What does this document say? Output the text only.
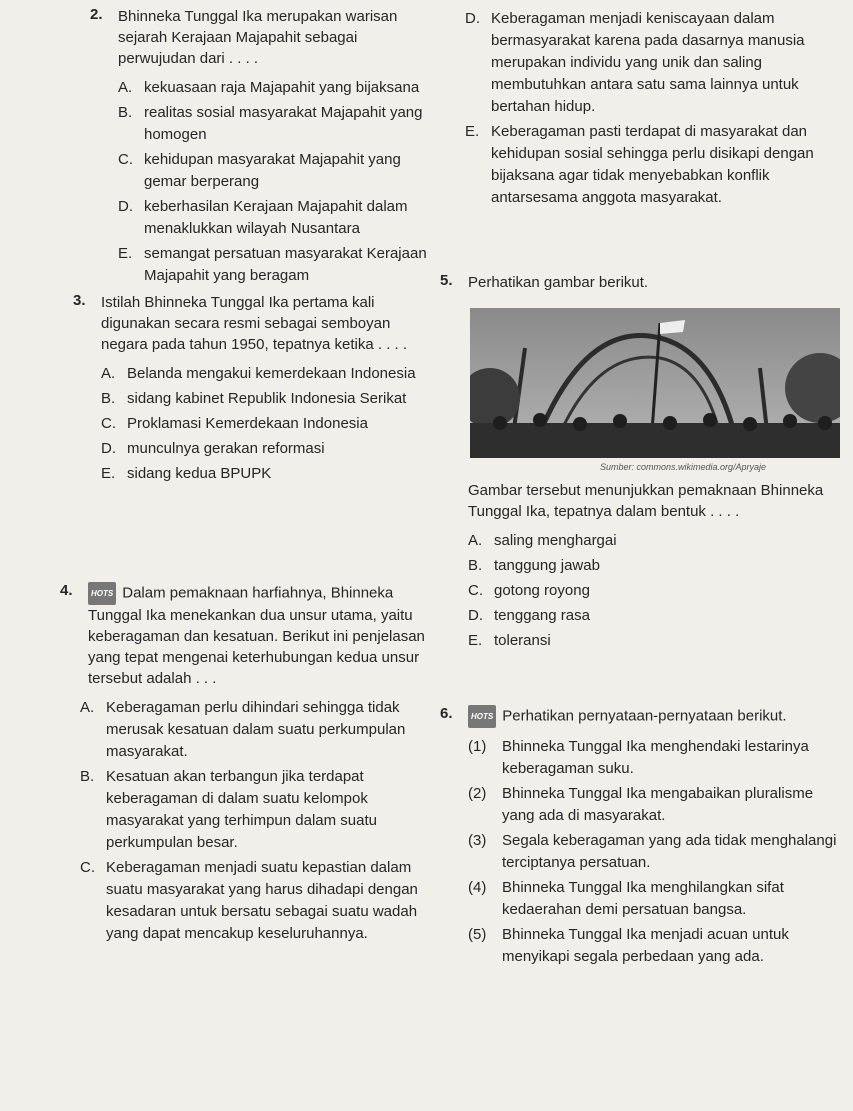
2. Bhinneka Tunggal Ika merupakan warisan sejarah Kerajaan Majapahit sebagai perwujudan dari . . . .
A. kekuasaan raja Majapahit yang bijaksana
B. realitas sosial masyarakat Majapahit yang homogen
C. kehidupan masyarakat Majapahit yang gemar berperang
D. keberhasilan Kerajaan Majapahit dalam menaklukkan wilayah Nusantara
E. semangat persatuan masyarakat Kerajaan Majapahit yang beragam
D. Keberagaman menjadi keniscayaan dalam bermasyarakat karena pada dasarnya manusia merupakan individu yang unik dan saling membutuhkan antara satu sama lainnya untuk bertahan hidup.
E. Keberagaman pasti terdapat di masyarakat dan kehidupan sosial sehingga perlu disikapi dengan bijaksana agar tidak menyebabkan konflik antarsesama anggota masyarakat.
3. Istilah Bhinneka Tunggal Ika pertama kali digunakan secara resmi sebagai semboyan negara pada tahun 1950, tepatnya ketika . . . .
A. Belanda mengakui kemerdekaan Indonesia
B. sidang kabinet Republik Indonesia Serikat
C. Proklamasi Kemerdekaan Indonesia
D. munculnya gerakan reformasi
E. sidang kedua BPUPK
4.	HOTS Dalam pemaknaan harfiahnya, Bhinneka Tunggal Ika menekankan dua unsur utama, yaitu keberagaman dan kesatuan. Berikut ini penjelasan yang tepat mengenai keterhubungan kedua unsur tersebut adalah . . .
A. Keberagaman perlu dihindari sehingga tidak merusak kesatuan dalam suatu perkumpulan masyarakat.
B. Kesatuan akan terbangun jika terdapat keberagaman di dalam suatu kelompok masyarakat yang terhimpun dalam suatu perkumpulan besar.
C. Keberagaman menjadi suatu kepastian dalam suatu masyarakat yang harus dihadapi dengan kesadaran untuk bersatu sebagai suatu wadah yang dapat mencakup keseluruhannya.
5. Perhatikan gambar berikut.
Sumber: commons.wikimedia.org/Apryaje
Gambar tersebut menunjukkan pemaknaan Bhinneka Tunggal Ika, tepatnya dalam bentuk . . . .
A. saling menghargai
B. tanggung jawab
C. gotong royong
D. tenggang rasa
E. toleransi
6.	HOTS Perhatikan pernyataan-pernyataan berikut.
(1)	Bhinneka Tunggal Ika menghendaki lestarinya keberagaman suku.
(2)	Bhinneka Tunggal Ika mengabaikan pluralisme yang ada di masyarakat.
(3)	Segala keberagaman yang ada tidak menghalangi terciptanya persatuan.
(4)	Bhinneka Tunggal Ika menghilangkan sifat kedaerahan demi persatuan bangsa.
(5)	Bhinneka Tunggal Ika menjadi acuan untuk menyikapi segala perbedaan yang ada.
